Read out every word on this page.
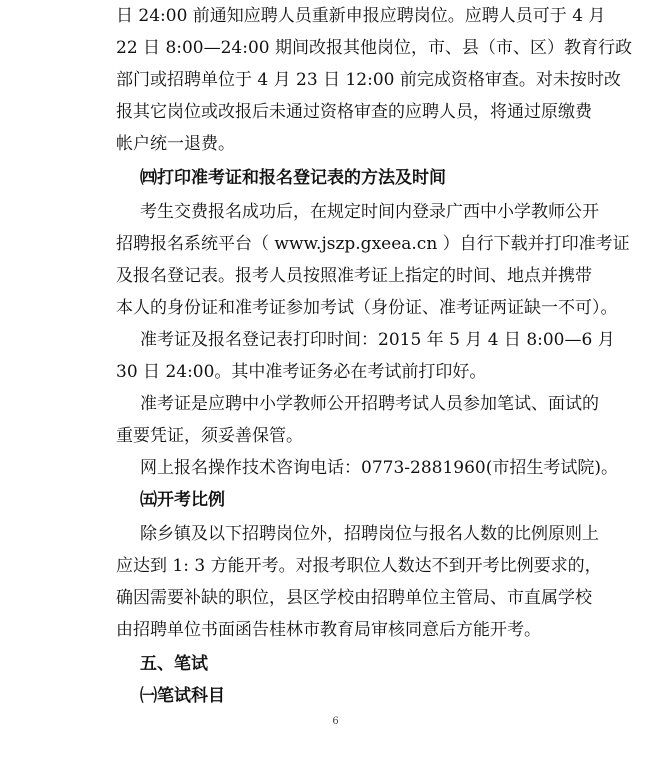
日 24:00 前通知应聘人员重新申报应聘岗位。应聘人员可于 4 月
22 日 8:00—24:00 期间改报其他岗位，市、县（市、区）教育行政
部门或招聘单位于 4 月 23 日 12:00 前完成资格审查。对未按时改
报其它岗位或改报后未通过资格审查的应聘人员，将通过原缴费
帐户统一退费。
㈣打印准考证和报名登记表的方法及时间
考生交费报名成功后，在规定时间内登录广西中小学教师公开
招聘报名系统平台（ www.jszp.gxeea.cn ）自行下载并打印准考证
及报名登记表。报考人员按照准考证上指定的时间、地点并携带
本人的身份证和准考证参加考试（身份证、准考证两证缺一不可）。
准考证及报名登记表打印时间：2015 年 5 月 4 日 8:00—6 月
30 日 24:00。其中准考证务必在考试前打印好。
准考证是应聘中小学教师公开招聘考试人员参加笔试、面试的
重要凭证，须妥善保管。
网上报名操作技术咨询电话：0773-2881960(市招生考试院)。
㈤开考比例
除乡镇及以下招聘岗位外，招聘岗位与报名人数的比例原则上
应达到 1: 3 方能开考。对报考职位人数达不到开考比例要求的，
确因需要补缺的职位，县区学校由招聘单位主管局、市直属学校
由招聘单位书面函告桂林市教育局审核同意后方能开考。
五、笔试
㈠笔试科目
6
